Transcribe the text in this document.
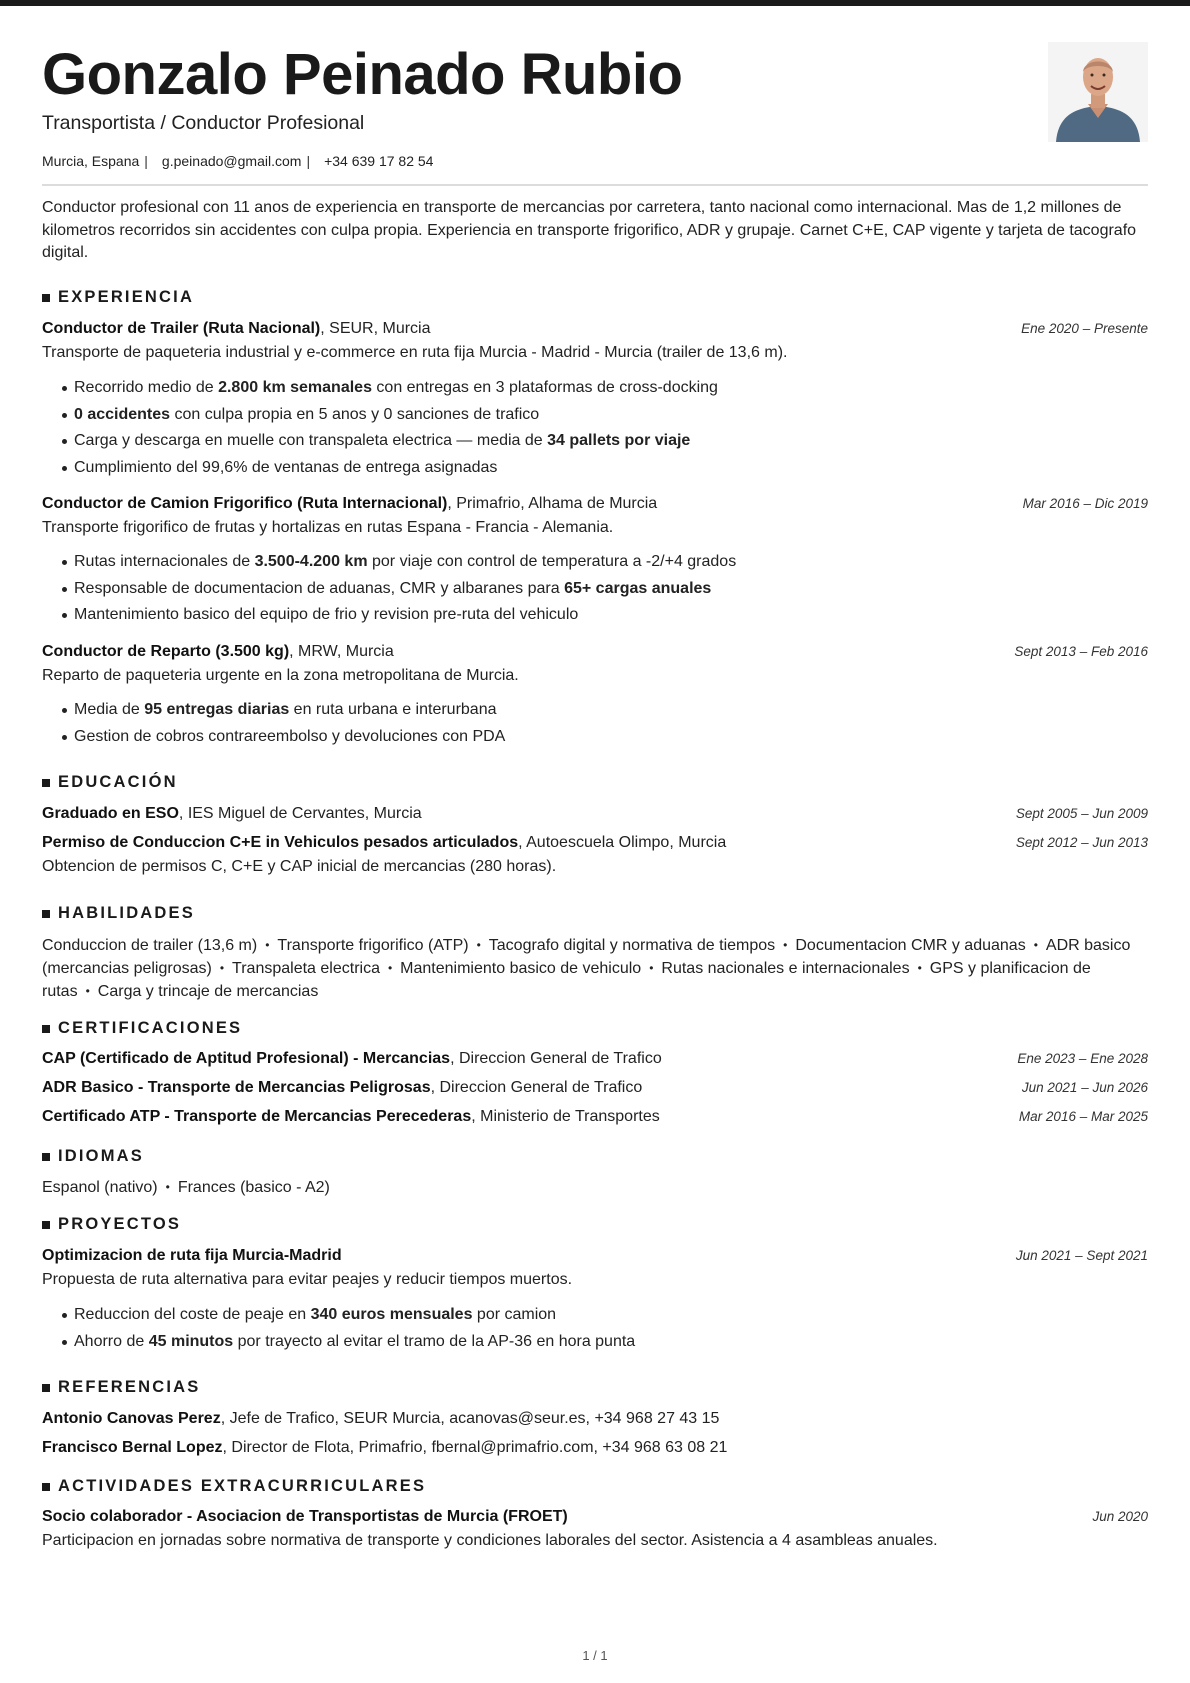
Gonzalo Peinado Rubio
Transportista / Conductor Profesional
Murcia, Espana | g.peinado@gmail.com | +34 639 17 82 54
Conductor profesional con 11 anos de experiencia en transporte de mercancias por carretera, tanto nacional como internacional. Mas de 1,2 millones de kilometros recorridos sin accidentes con culpa propia. Experiencia en transporte frigorifico, ADR y grupaje. Carnet C+E, CAP vigente y tarjeta de tacografo digital.
EXPERIENCIA
Conductor de Trailer (Ruta Nacional), SEUR, Murcia	Ene 2020 – Presente
Transporte de paqueteria industrial y e-commerce en ruta fija Murcia - Madrid - Murcia (trailer de 13,6 m).
Recorrido medio de 2.800 km semanales con entregas en 3 plataformas de cross-docking
0 accidentes con culpa propia en 5 anos y 0 sanciones de trafico
Carga y descarga en muelle con transpaleta electrica — media de 34 pallets por viaje
Cumplimiento del 99,6% de ventanas de entrega asignadas
Conductor de Camion Frigorifico (Ruta Internacional), Primafrio, Alhama de Murcia	Mar 2016 – Dic 2019
Transporte frigorifico de frutas y hortalizas en rutas Espana - Francia - Alemania.
Rutas internacionales de 3.500-4.200 km por viaje con control de temperatura a -2/+4 grados
Responsable de documentacion de aduanas, CMR y albaranes para 65+ cargas anuales
Mantenimiento basico del equipo de frio y revision pre-ruta del vehiculo
Conductor de Reparto (3.500 kg), MRW, Murcia	Sept 2013 – Feb 2016
Reparto de paqueteria urgente en la zona metropolitana de Murcia.
Media de 95 entregas diarias en ruta urbana e interurbana
Gestion de cobros contrareembolso y devoluciones con PDA
EDUCACIÓN
Graduado en ESO, IES Miguel de Cervantes, Murcia	Sept 2005 – Jun 2009
Permiso de Conduccion C+E in Vehiculos pesados articulados, Autoescuela Olimpo, Murcia	Sept 2012 – Jun 2013
Obtencion de permisos C, C+E y CAP inicial de mercancias (280 horas).
HABILIDADES
Conduccion de trailer (13,6 m) • Transporte frigorifico (ATP) • Tacografo digital y normativa de tiempos • Documentacion CMR y aduanas • ADR basico (mercancias peligrosas) • Transpaleta electrica • Mantenimiento basico de vehiculo • Rutas nacionales e internacionales • GPS y planificacion de rutas • Carga y trincaje de mercancias
CERTIFICACIONES
CAP (Certificado de Aptitud Profesional) - Mercancias, Direccion General de Trafico	Ene 2023 – Ene 2028
ADR Basico - Transporte de Mercancias Peligrosas, Direccion General de Trafico	Jun 2021 – Jun 2026
Certificado ATP - Transporte de Mercancias Perecederas, Ministerio de Transportes	Mar 2016 – Mar 2025
IDIOMAS
Espanol (nativo) • Frances (basico - A2)
PROYECTOS
Optimizacion de ruta fija Murcia-Madrid	Jun 2021 – Sept 2021
Propuesta de ruta alternativa para evitar peajes y reducir tiempos muertos.
Reduccion del coste de peaje en 340 euros mensuales por camion
Ahorro de 45 minutos por trayecto al evitar el tramo de la AP-36 en hora punta
REFERENCIAS
Antonio Canovas Perez, Jefe de Trafico, SEUR Murcia, acanovas@seur.es, +34 968 27 43 15
Francisco Bernal Lopez, Director de Flota, Primafrio, fbernal@primafrio.com, +34 968 63 08 21
ACTIVIDADES EXTRACURRICULARES
Socio colaborador - Asociacion de Transportistas de Murcia (FROET)	Jun 2020
Participacion en jornadas sobre normativa de transporte y condiciones laborales del sector. Asistencia a 4 asambleas anuales.
1 / 1
